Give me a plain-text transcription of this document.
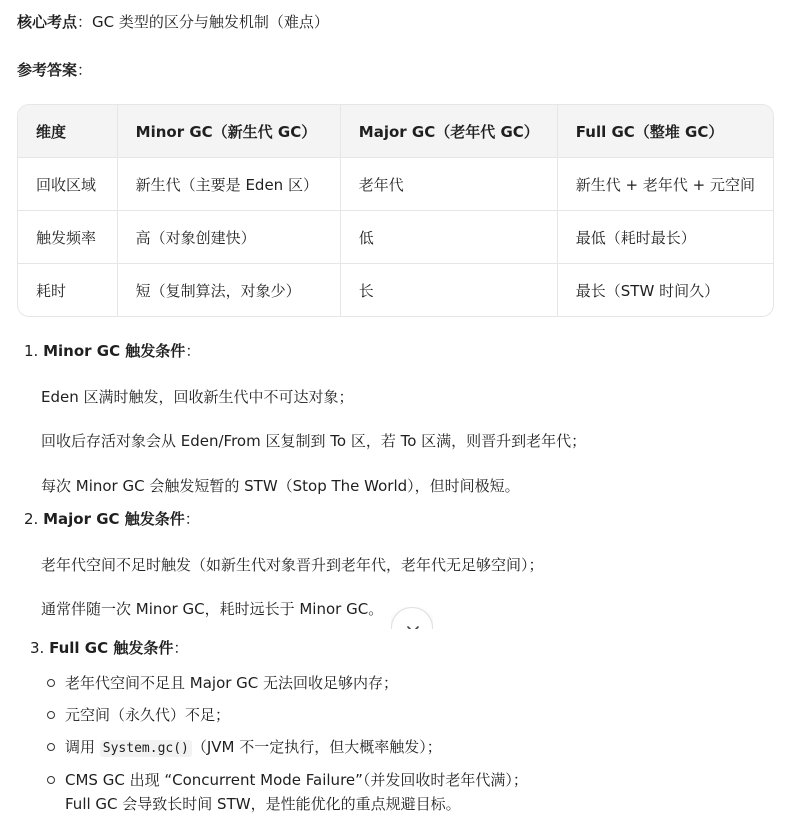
核心考点：GC 类型的区分与触发机制（难点）
参考答案：
维度	Minor GC（新生代 GC）	Major GC（老年代 GC）	Full GC（整堆 GC）
回收区域	新生代（主要是 Eden 区）	老年代	新生代 + 老年代 + 元空间
触发频率	高（对象创建快）	低	最低（耗时最长）
耗时	短（复制算法，对象少）	长	最长（STW 时间久）
1. Minor GC 触发条件：
Eden 区满时触发，回收新生代中不可达对象；
回收后存活对象会从 Eden/From 区复制到 To 区，若 To 区满，则晋升到老年代；
每次 Minor GC 会触发短暂的 STW（Stop The World），但时间极短。
2. Major GC 触发条件：
老年代空间不足时触发（如新生代对象晋升到老年代，老年代无足够空间）；
通常伴随一次 Minor GC，耗时远长于 Minor GC。
3. Full GC 触发条件：
老年代空间不足且 Major GC 无法回收足够内存；
元空间（永久代）不足；
调用 System.gc() （JVM 不一定执行，但大概率触发）；
CMS GC 出现 “Concurrent Mode Failure”（并发回收时老年代满）；
Full GC 会导致长时间 STW，是性能优化的重点规避目标。
